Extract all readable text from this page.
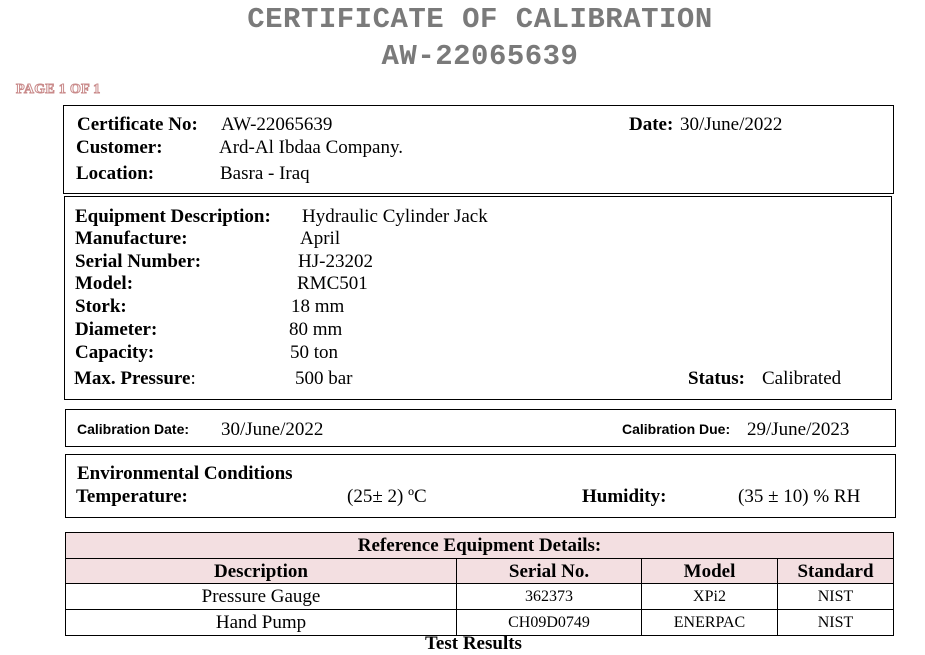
CERTIFICATE OF CALIBRATION
AW-22065639
PAGE 1 OF 1
Certificate No: AW-22065639	Date: 30/June/2022
Customer:	Ard-Al Ibdaa Company.
Location:	Basra - Iraq
Equipment Description: Hydraulic Cylinder Jack
Manufacture:	April
Serial Number:	HJ-23202
Model:	RMC501
Stork:	18 mm
Diameter:	80 mm
Capacity:	50 ton
Max. Pressure:	500 bar	Status: Calibrated
Calibration Date: 30/June/2022	Calibration Due: 29/June/2023
Environmental Conditions
Temperature:	(25± 2) ºC	Humidity:	(35 ± 10) % RH
Reference Equipment Details:			
Description	Serial No.	Model	Standard
Pressure Gauge	362373	XPi2	NIST
Hand Pump	CH09D0749	ENERPAC	NIST
Test Results
